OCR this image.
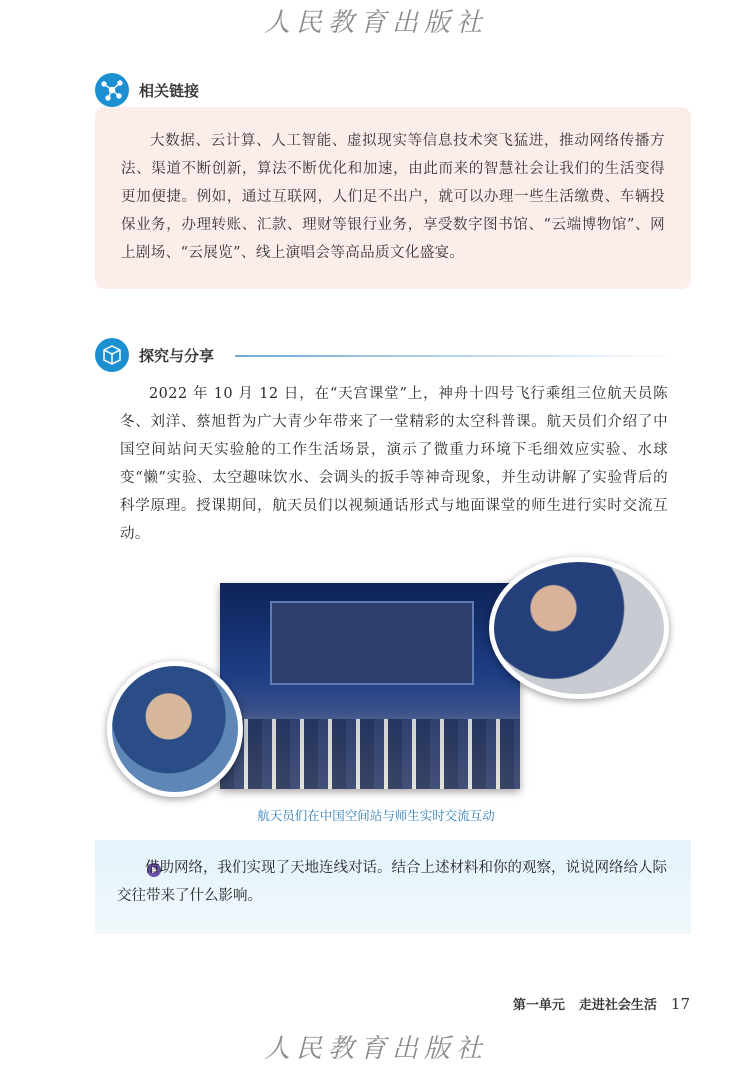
人民教育出版社
相关链接

大数据、云计算、人工智能、虚拟现实等信息技术突飞猛进，推动网络传播方法、渠道不断创新，算法不断优化和加速，由此而来的智慧社会让我们的生活变得更加便捷。例如，通过互联网，人们足不出户，就可以办理一些生活缴费、车辆投保业务，办理转账、汇款、理财等银行业务，享受数字图书馆、“云端博物馆”、网上剧场、“云展览”、线上演唱会等高品质文化盛宴。

探究与分享

2022 年 10 月 12 日，在“天宫课堂”上，神舟十四号飞行乘组三位航天员陈冬、刘洋、蔡旭哲为广大青少年带来了一堂精彩的太空科普课。航天员们介绍了中国空间站问天实验舱的工作生活场景，演示了微重力环境下毛细效应实验、水球变“懒”实验、太空趣味饮水、会调头的扳手等神奇现象，并生动讲解了实验背后的科学原理。授课期间，航天员们以视频通话形式与地面课堂的师生进行实时交流互动。

航天员们在中国空间站与师生实时交流互动

借助网络，我们实现了天地连线对话。结合上述材料和你的观察，说说网络给人际交往带来了什么影响。

第一单元 走进社会生活 17
人民教育出版社
